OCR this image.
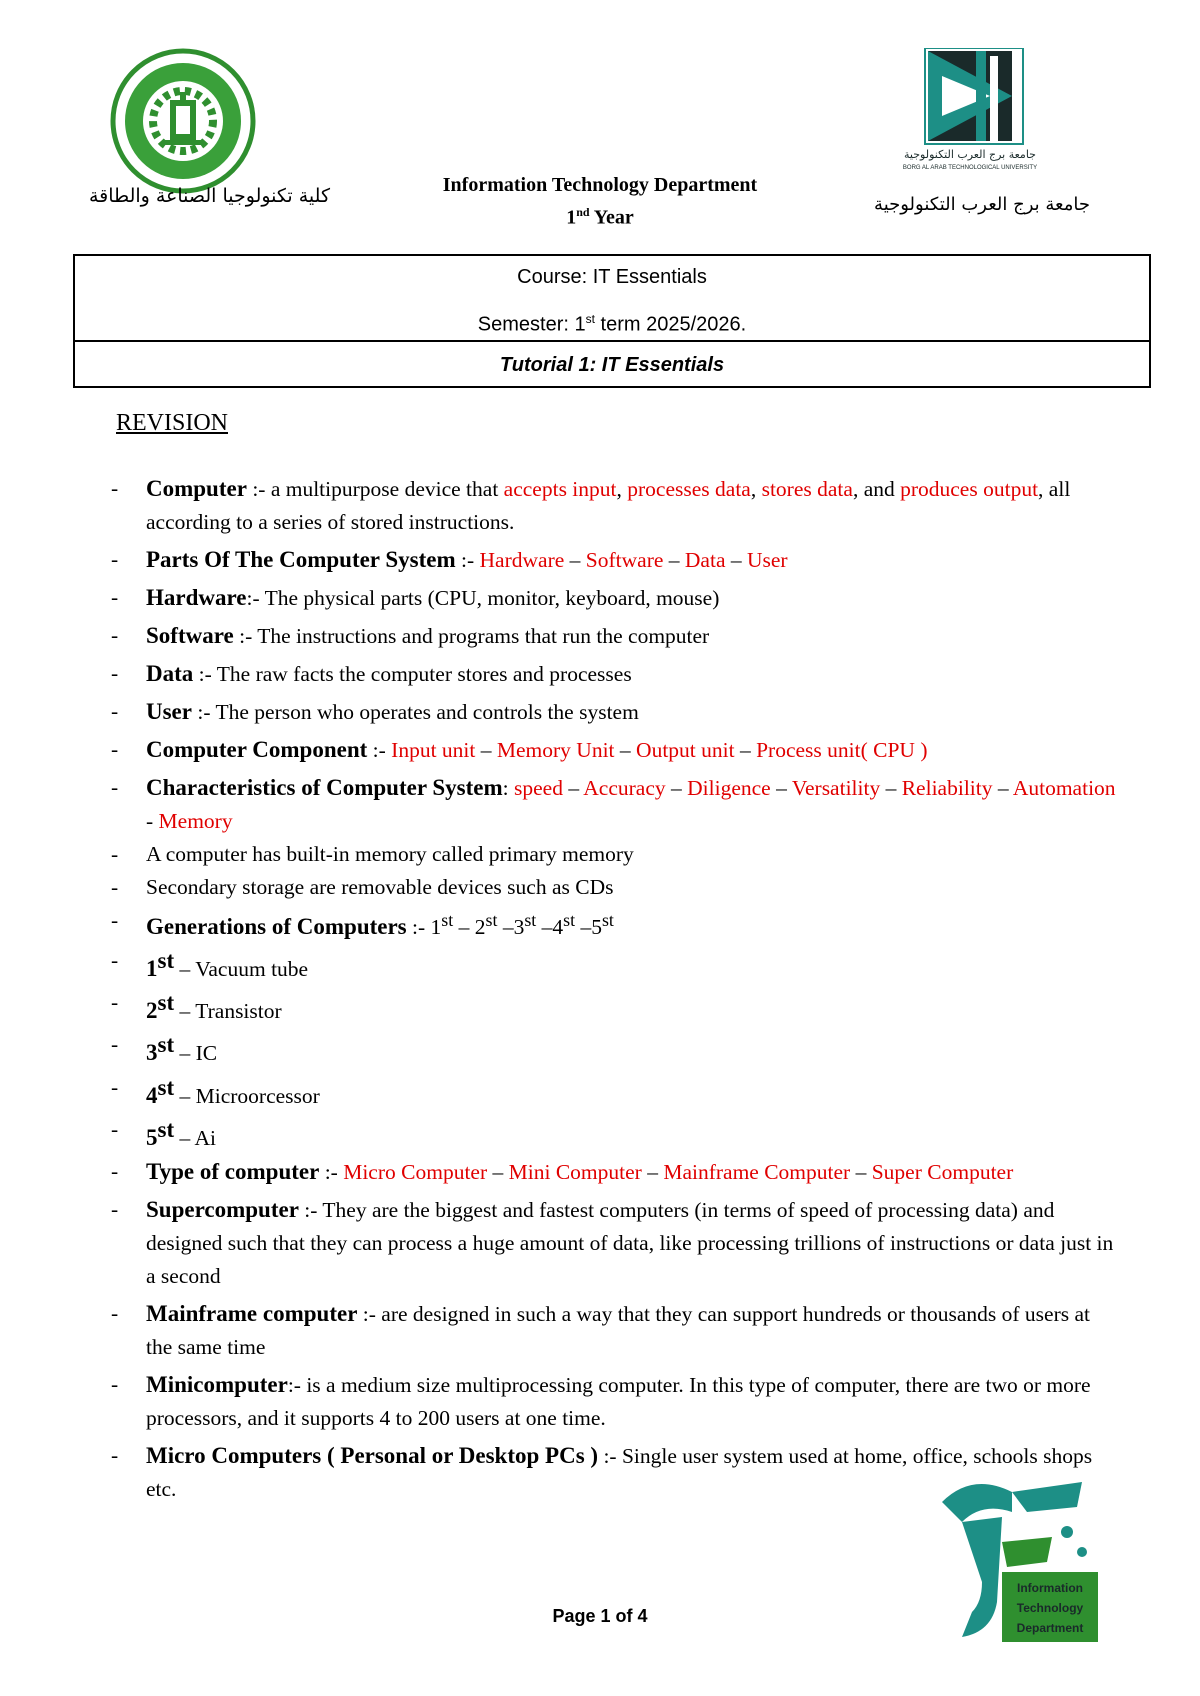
كلية تكنولوجيا الصناعة والطاقة	Information Technology Department
1nd Year
جامعة برج العرب التكنولوجية
BORG AL ARAB TECHNOLOGICAL UNIVERSITY
جامعة برج العرب التكنولوجية
Course: IT Essentials
Semester: 1st term 2025/2026.
Tutorial 1: IT Essentials
REVISION
- Computer :- a multipurpose device that accepts input, processes data, stores data, and produces output, all according to a series of stored instructions.
- Parts Of The Computer System :- Hardware – Software – Data – User
- Hardware:- The physical parts (CPU, monitor, keyboard, mouse)
- Software :- The instructions and programs that run the computer
- Data :- The raw facts the computer stores and processes
- User :- The person who operates and controls the system
- Computer Component :- Input unit – Memory Unit – Output unit – Process unit( CPU )
- Characteristics of Computer System: speed – Accuracy – Diligence – Versatility – Reliability – Automation - Memory
- A computer has built-in memory called primary memory
- Secondary storage are removable devices such as CDs
- Generations of Computers :- 1st – 2st –3st –4st –5st
- 1st – Vacuum tube
- 2st – Transistor
- 3st – IC
- 4st – Microorcessor
- 5st – Ai
- Type of computer :- Micro Computer – Mini Computer – Mainframe Computer – Super Computer
- Supercomputer :- They are the biggest and fastest computers (in terms of speed of processing data) and designed such that they can process a huge amount of data, like processing trillions of instructions or data just in a second
- Mainframe computer :- are designed in such a way that they can support hundreds or thousands of users at the same time
- Minicomputer:- is a medium size multiprocessing computer. In this type of computer, there are two or more processors, and it supports 4 to 200 users at one time.
- Micro Computers ( Personal or Desktop PCs ) :- Single user system used at home, office, schools shops etc.
Information
Technology
Department
Page 1 of 4
